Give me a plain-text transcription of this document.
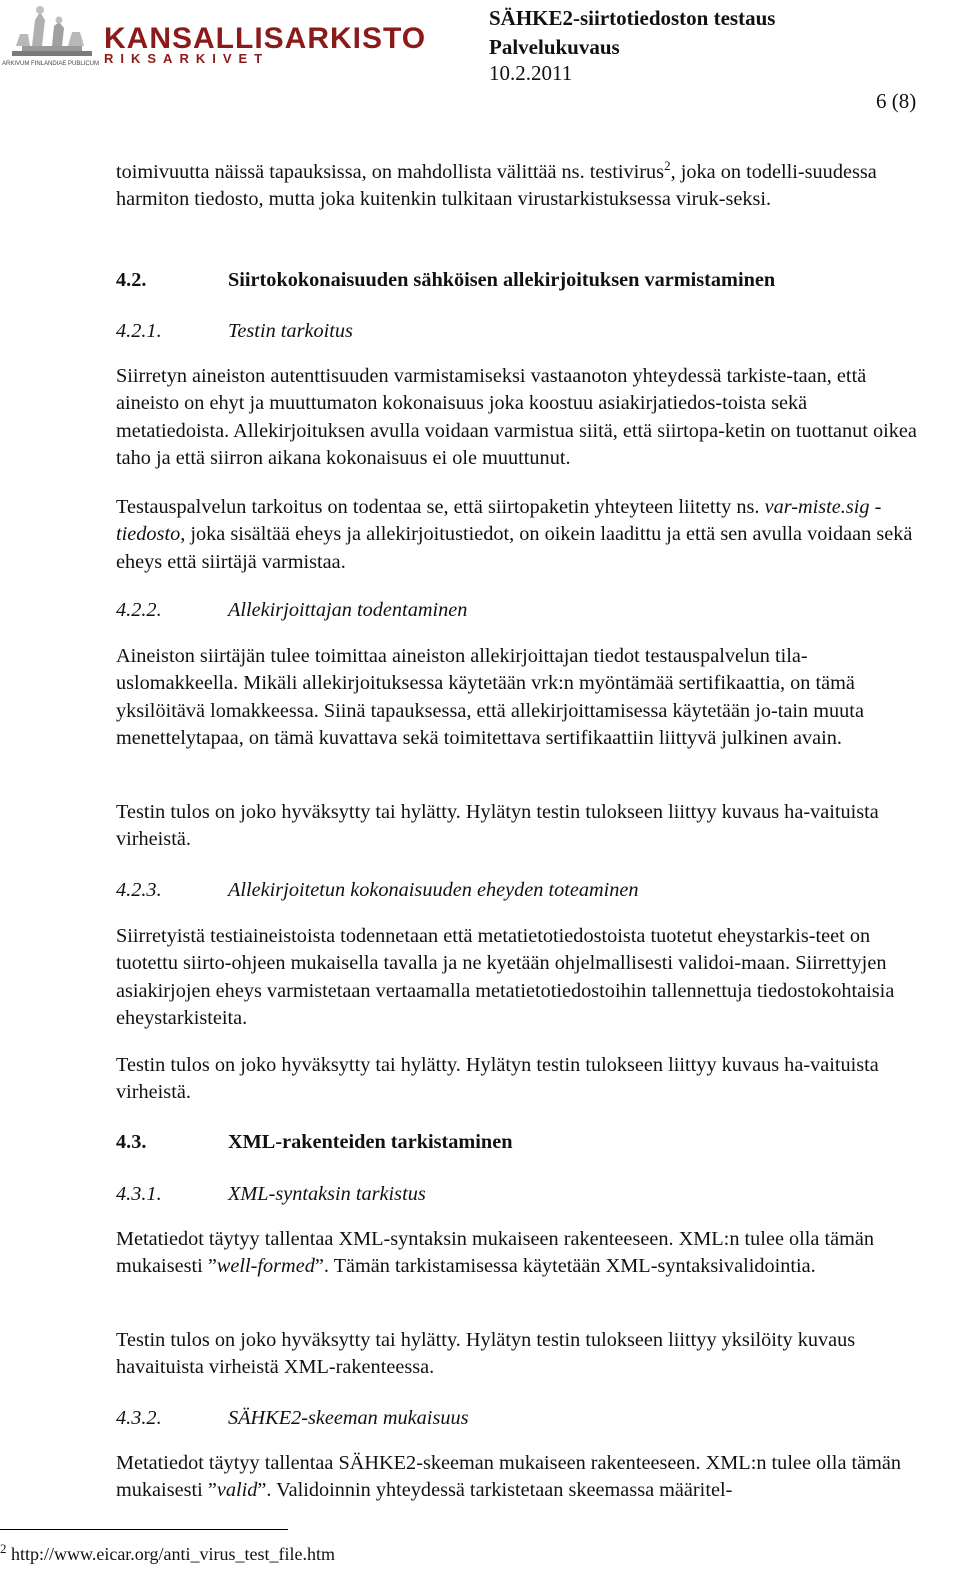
KANSALLISARKISTO
RIKSARKIVET
ARKIVUM FINLANDIAE PUBLICUM
SÄHKE2-siirtotiedoston testaus
Palvelukuvaus
10.2.2011
6 (8)

toimivuutta näissä tapauksissa, on mahdollista välittää ns. testivirus$^2$, joka on todelli-suudessa harmiton tiedosto, mutta joka kuitenkin tulkitaan virustarkistuksessa viruk-seksi.

4.2.	Siirtokokonaisuuden sähköisen allekirjoituksen varmistaminen
4.2.1.	Testin tarkoitus

Siirretyn aineiston autenttisuuden varmistamiseksi vastaanoton yhteydessä tarkiste-taan, että aineisto on ehyt ja muuttumaton kokonaisuus joka koostuu asiakirjatiedos-toista sekä metatiedoista. Allekirjoituksen avulla voidaan varmistua siitä, että siirtopa-ketin on tuottanut oikea taho ja että siirron aikana kokonaisuus ei ole muuttunut.

Testauspalvelun tarkoitus on todentaa se, että siirtopaketin yhteyteen liitetty ns. var-miste.sig -tiedosto, joka sisältää eheys ja allekirjoitustiedot, on oikein laadittu ja että sen avulla voidaan sekä eheys että siirtäjä varmistaa.

4.2.2.	Allekirjoittajan todentaminen

Aineiston siirtäjän tulee toimittaa aineiston allekirjoittajan tiedot testauspalvelun tila-uslomakkeella. Mikäli allekirjoituksessa käytetään vrk:n myöntämää sertifikaattia, on tämä yksilöitävä lomakkeessa. Siinä tapauksessa, että allekirjoittamisessa käytetään jo-tain muuta menettelytapaa, on tämä kuvattava sekä toimitettava sertifikaattiin liittyvä julkinen avain.

Testin tulos on joko hyväksytty tai hylätty. Hylätyn testin tulokseen liittyy kuvaus ha-vaituista virheistä.

4.2.3.	Allekirjoitetun kokonaisuuden eheyden toteaminen

Siirretyistä testiaineistoista todennetaan että metatietotiedostoista tuotetut eheystarkis-teet on tuotettu siirto-ohjeen mukaisella tavalla ja ne kyetään ohjelmallisesti validoi-maan. Siirrettyjen asiakirjojen eheys varmistetaan vertaamalla metatietotiedostoihin tallennettuja tiedostokohtaisia eheystarkisteita.

Testin tulos on joko hyväksytty tai hylätty. Hylätyn testin tulokseen liittyy kuvaus ha-vaituista virheistä.

4.3.	XML-rakenteiden tarkistaminen
4.3.1.	XML-syntaksin tarkistus

Metatiedot täytyy tallentaa XML-syntaksin mukaiseen rakenteeseen. XML:n tulee olla tämän mukaisesti ”well-formed”. Tämän tarkistamisessa käytetään XML-syntaksivalidointia.

Testin tulos on joko hyväksytty tai hylätty. Hylätyn testin tulokseen liittyy yksilöity kuvaus havaituista virheistä XML-rakenteessa.

4.3.2.	SÄHKE2-skeeman mukaisuus

Metatiedot täytyy tallentaa SÄHKE2-skeeman mukaiseen rakenteeseen. XML:n tulee olla tämän mukaisesti ”valid”. Validoinnin yhteydessä tarkistetaan skeemassa määritel-

$^2$ http://www.eicar.org/anti_virus_test_file.htm
